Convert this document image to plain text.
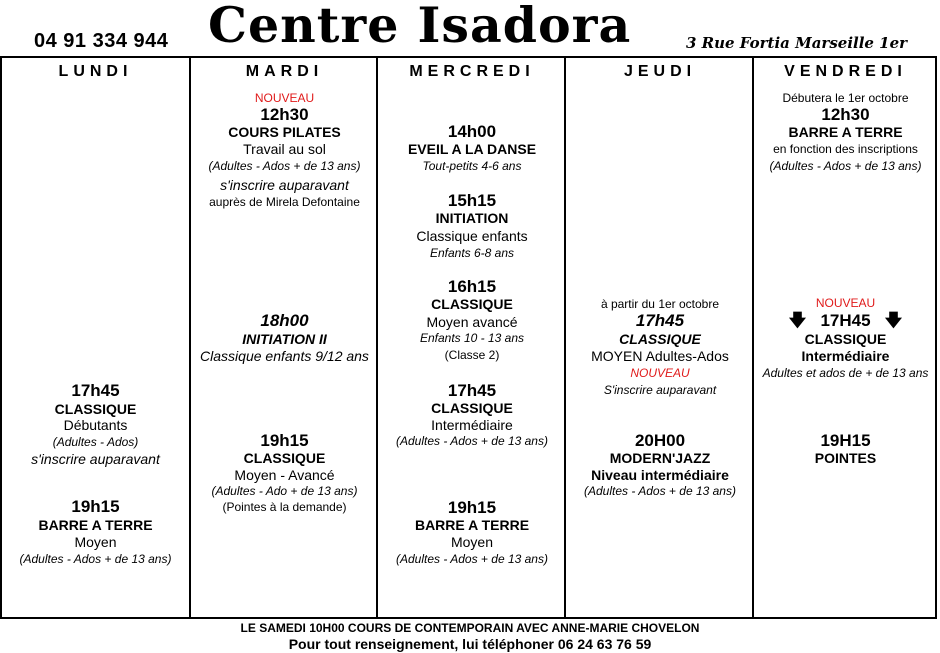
04 91 334 944 Centre Isadora	3 Rue Fortia Marseille 1er
LUNDI
17h45
CLASSIQUE
Débutants
(Adultes - Ados)
s'inscrire auparavant
19h15
BARRE A TERRE
Moyen
(Adultes - Ados + de 13 ans)
MARDI
NOUVEAU
12h30
COURS PILATES
Travail au sol
(Adultes - Ados + de 13 ans)
s'inscrire auparavant
auprès de Mirela Defontaine
18h00
INITIATION II
Classique enfants 9/12 ans
19h15
CLASSIQUE
Moyen - Avancé
(Adultes - Ado + de 13 ans)
(Pointes à la demande)
MERCREDI
14h00
EVEIL A LA DANSE
Tout-petits 4-6 ans
15h15
INITIATION
Classique enfants
Enfants 6-8 ans
16h15
CLASSIQUE
Moyen avancé
Enfants 10 - 13 ans
(Classe 2)
17h45
CLASSIQUE
Intermédiaire
(Adultes - Ados + de 13 ans)
19h15
BARRE A TERRE
Moyen
(Adultes - Ados + de 13 ans)
JEUDI
à partir du 1er octobre
17h45
CLASSIQUE
MOYEN Adultes-Ados
NOUVEAU
S'inscrire auparavant
20H00
MODERN'JAZZ
Niveau intermédiaire
(Adultes - Ados + de 13 ans)
VENDREDI
Débutera le 1er octobre
12h30
BARRE A TERRE
en fonction des inscriptions
(Adultes - Ados + de 13 ans)
NOUVEAU
🡇 17H45 🡇
CLASSIQUE
Intermédiaire
Adultes et ados de + de 13 ans
19H15
POINTES
LE SAMEDI 10H00 COURS DE CONTEMPORAIN AVEC ANNE-MARIE CHOVELON
Pour tout renseignement, lui téléphoner 06 24 63 76 59
